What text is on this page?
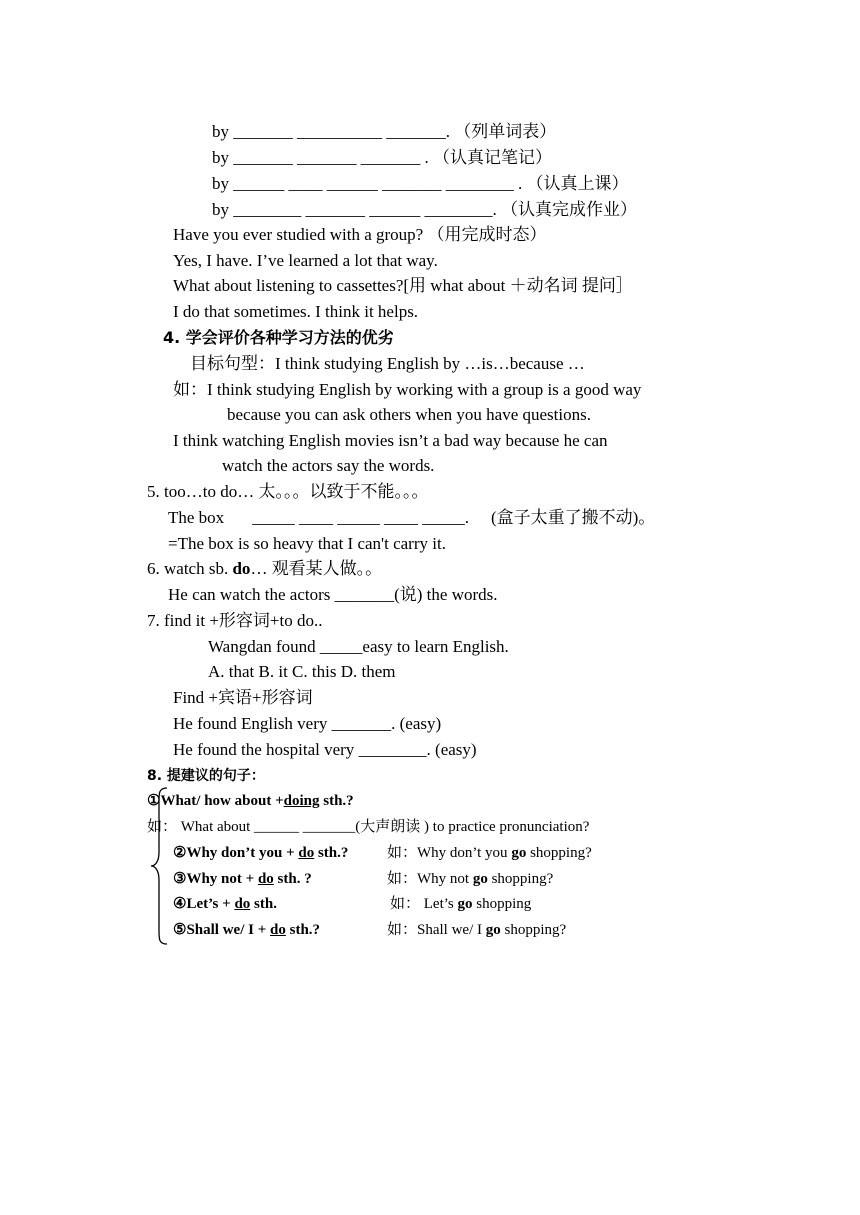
by _______ __________ _______. （列单词表）
by _______ _______ _______ . （认真记笔记）
by ______ ____ ______ _______ ________ . （认真上课）
by ________ _______ ______ ________. （认真完成作业）
Have you ever studied with a group? （用完成时态）
Yes, I have. I’ve learned a lot that way.
What about listening to cassettes?[用 what about ＋动名词 提问］
I do that sometimes. I think it helps.
4. 学会评价各种学习方法的优劣
目标句型：I think studying English by …is…because …
如：I think studying English by working with a group is a good way
because you can ask others when you have questions.
I think watching English movies isn’t a bad way because he can
watch the actors say the words.
5. too…to do… 太。。。以致于不能。。。
The box _____ ____ _____ ____ _____. (盒子太重了搬不动)。
=The box is so heavy that I can't carry it.
6. watch sb. do… 观看某人做。。
He can watch the actors _______(说) the words.
7. find it +形容词+to do..
Wangdan found _____easy to learn English.
A. that B. it C. this D. them
Find +宾语+形容词
He found English very _______. (easy)
He found the hospital very ________. (easy)
8. 提建议的句子：
①What/ how about +doing sth.?
如： What about ______ _______(大声朗读 ) to practice pronunciation?
②Why don’t you + do sth.?	如：Why don’t you go shopping?
③Why not + do sth. ?	如：Why not go shopping?
④Let’s + do sth.	如： Let’s go shopping
⑤Shall we/ I + do sth.?	如：Shall we/ I go shopping?
